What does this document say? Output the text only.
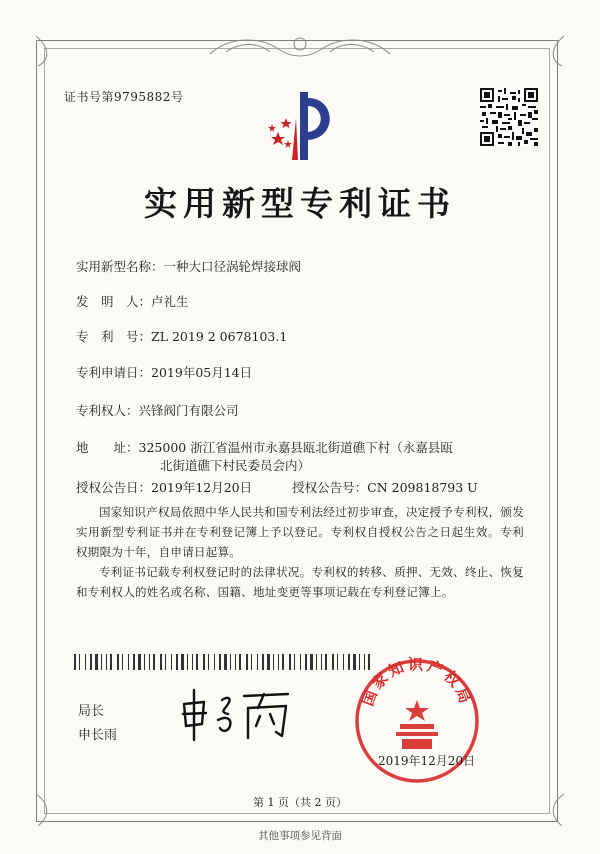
证书号第9795882号
实用新型专利证书
实用新型名称：一种大口径涡轮焊接球阀
发　明　人：卢礼生
专　利　号：ZL 2019 2 0678103.1
专利申请日：2019年05月14日
专利权人：兴锋阀门有限公司
地　　址：325000 浙江省温州市永嘉县瓯北街道礁下村（永嘉县瓯
北街道礁下村民委员会内）
授权公告日：2019年12月20日	授权公告号：CN 209818793 U
国家知识产权局依照中华人民共和国专利法经过初步审查，决定授予专利权，颁发实用新型专利证书并在专利登记簿上予以登记。专利权自授权公告之日起生效。专利权期限为十年，自申请日起算。
专利证书记载专利权登记时的法律状况。专利权的转移、质押、无效、终止、恢复和专利权人的姓名或名称、国籍、地址变更等事项记载在专利登记簿上。
局长
申长雨
国家知识产权局
2019年12月20日
第 1 页（共 2 页）
其他事项参见背面
